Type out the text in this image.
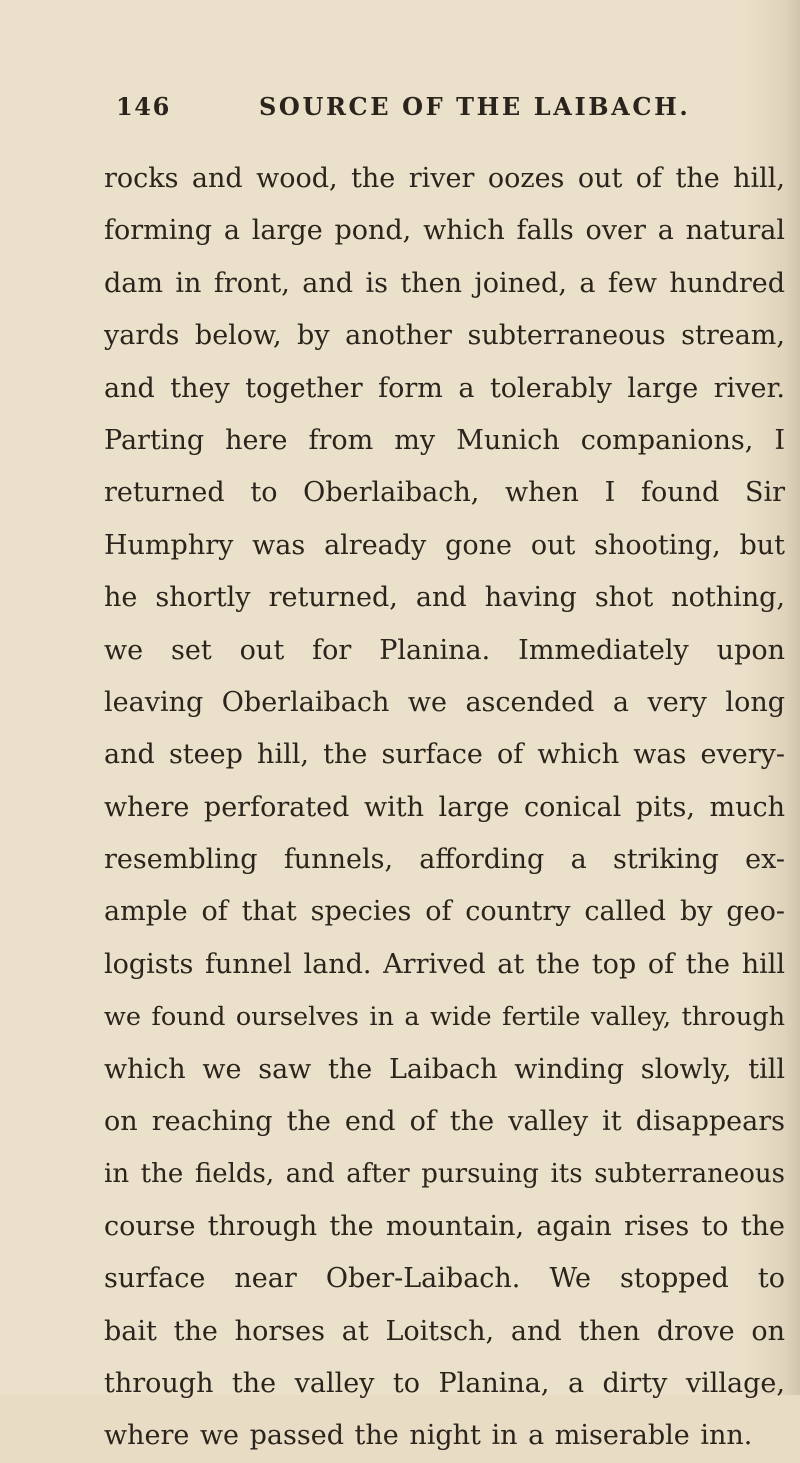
146	SOURCE OF THE LAIBACH.
rocks and wood, the river oozes out of the hill,
forming a large pond, which falls over a natural
dam in front, and is then joined, a few hundred
yards below, by another subterraneous stream,
and they together form a tolerably large river.
Parting here from my Munich companions, I
returned to Oberlaibach, when I found Sir
Humphry was already gone out shooting, but
he shortly returned, and having shot nothing,
we set out for Planina. Immediately upon
leaving Oberlaibach we ascended a very long
and steep hill, the surface of which was every-
where perforated with large conical pits, much
resembling funnels, affording a striking ex-
ample of that species of country called by geo-
logists funnel land. Arrived at the top of the hill
we found ourselves in a wide fertile valley, through
which we saw the Laibach winding slowly, till
on reaching the end of the valley it disappears
in the fields, and after pursuing its subterraneous
course through the mountain, again rises to the
surface near Ober-Laibach. We stopped to
bait the horses at Loitsch, and then drove on
through the valley to Planina, a dirty village,
where we passed the night in a miserable inn.
